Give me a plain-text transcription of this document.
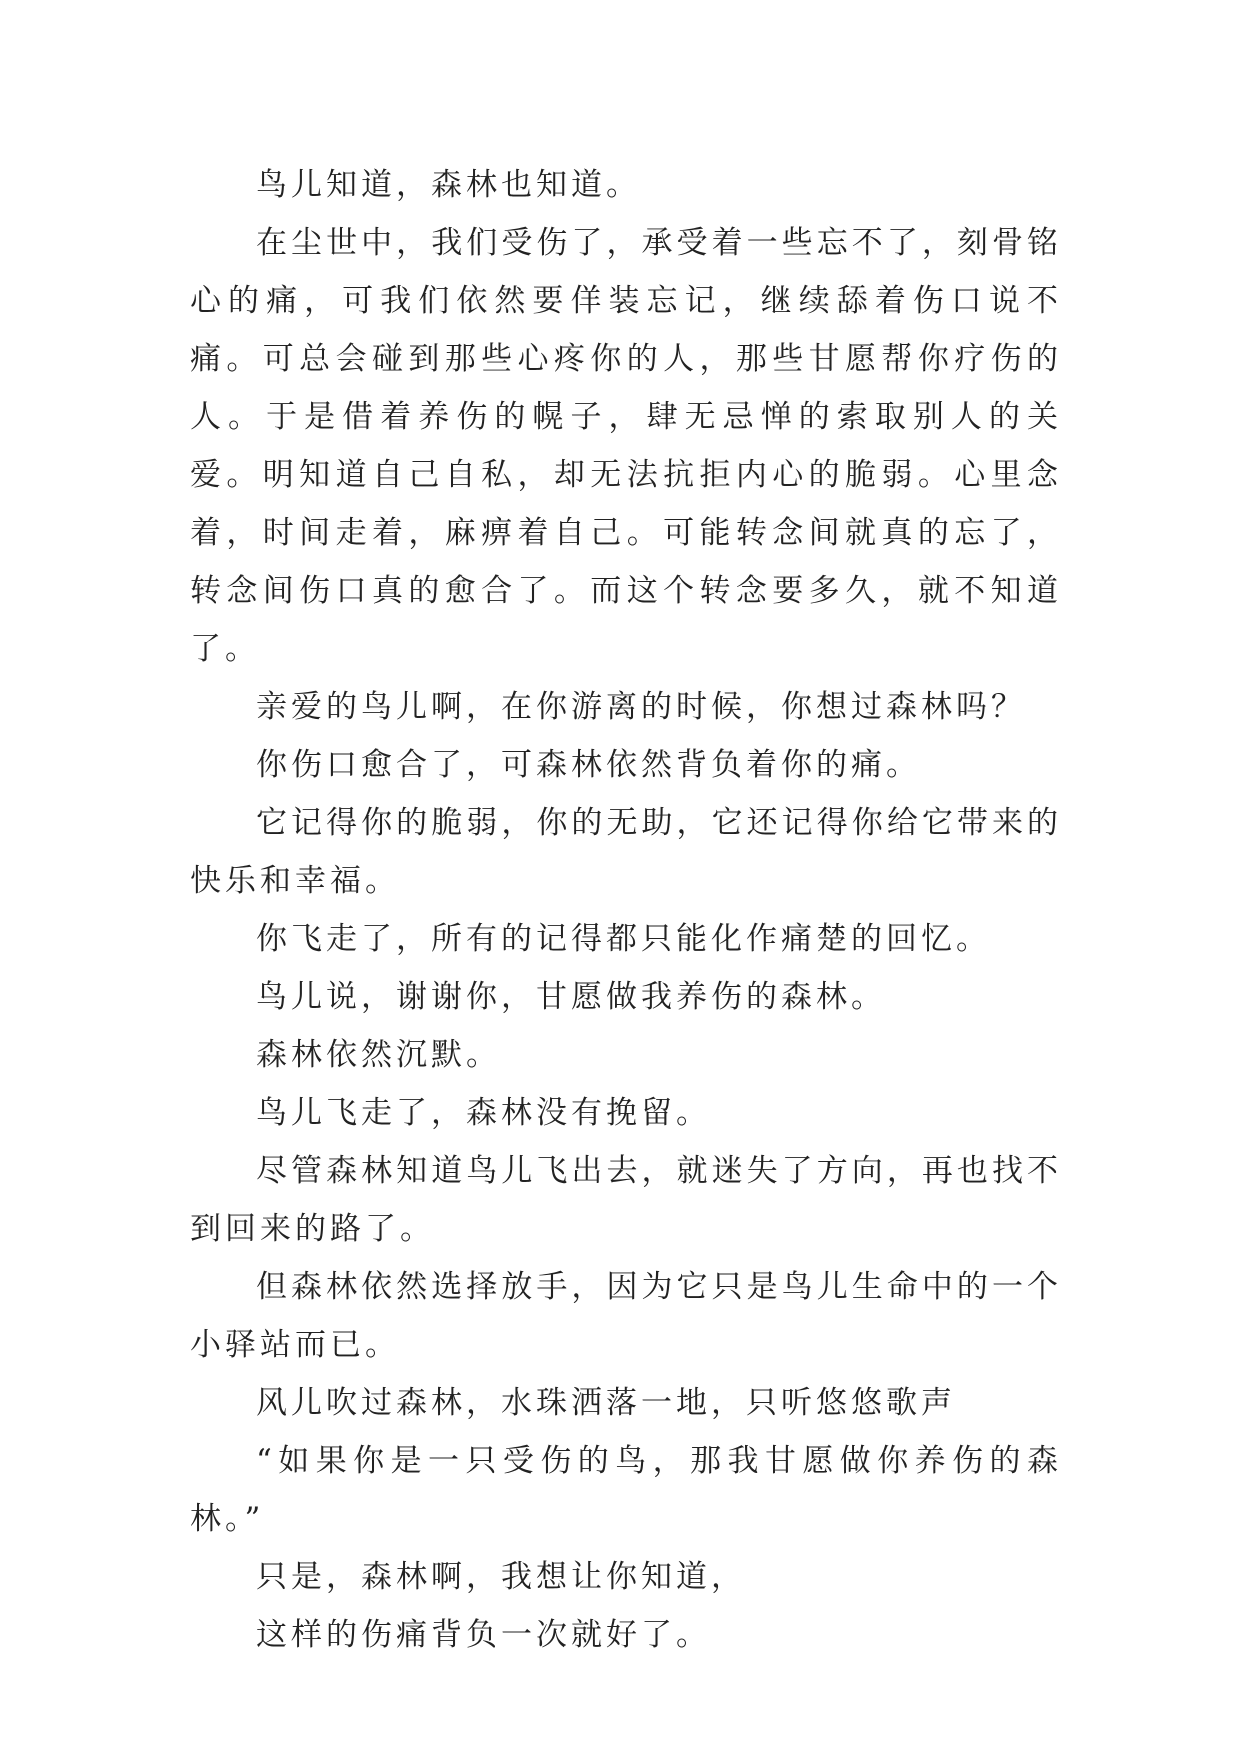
鸟儿知道，森林也知道。

在尘世中，我们受伤了，承受着一些忘不了，刻骨铭心的痛，可我们依然要佯装忘记，继续舔着伤口说不痛。可总会碰到那些心疼你的人，那些甘愿帮你疗伤的人。于是借着养伤的幌子，肆无忌惮的索取别人的关爱。明知道自己自私，却无法抗拒内心的脆弱。心里念着，时间走着，麻痹着自己。可能转念间就真的忘了，转念间伤口真的愈合了。而这个转念要多久，就不知道了。

亲爱的鸟儿啊，在你游离的时候，你想过森林吗？

你伤口愈合了，可森林依然背负着你的痛。

它记得你的脆弱，你的无助，它还记得你给它带来的快乐和幸福。

你飞走了，所有的记得都只能化作痛楚的回忆。

鸟儿说，谢谢你，甘愿做我养伤的森林。

森林依然沉默。

鸟儿飞走了，森林没有挽留。

尽管森林知道鸟儿飞出去，就迷失了方向，再也找不到回来的路了。

但森林依然选择放手，因为它只是鸟儿生命中的一个小驿站而已。

风儿吹过森林，水珠洒落一地，只听悠悠歌声

“如果你是一只受伤的鸟，那我甘愿做你养伤的森林。”

只是，森林啊，我想让你知道，

这样的伤痛背负一次就好了。
